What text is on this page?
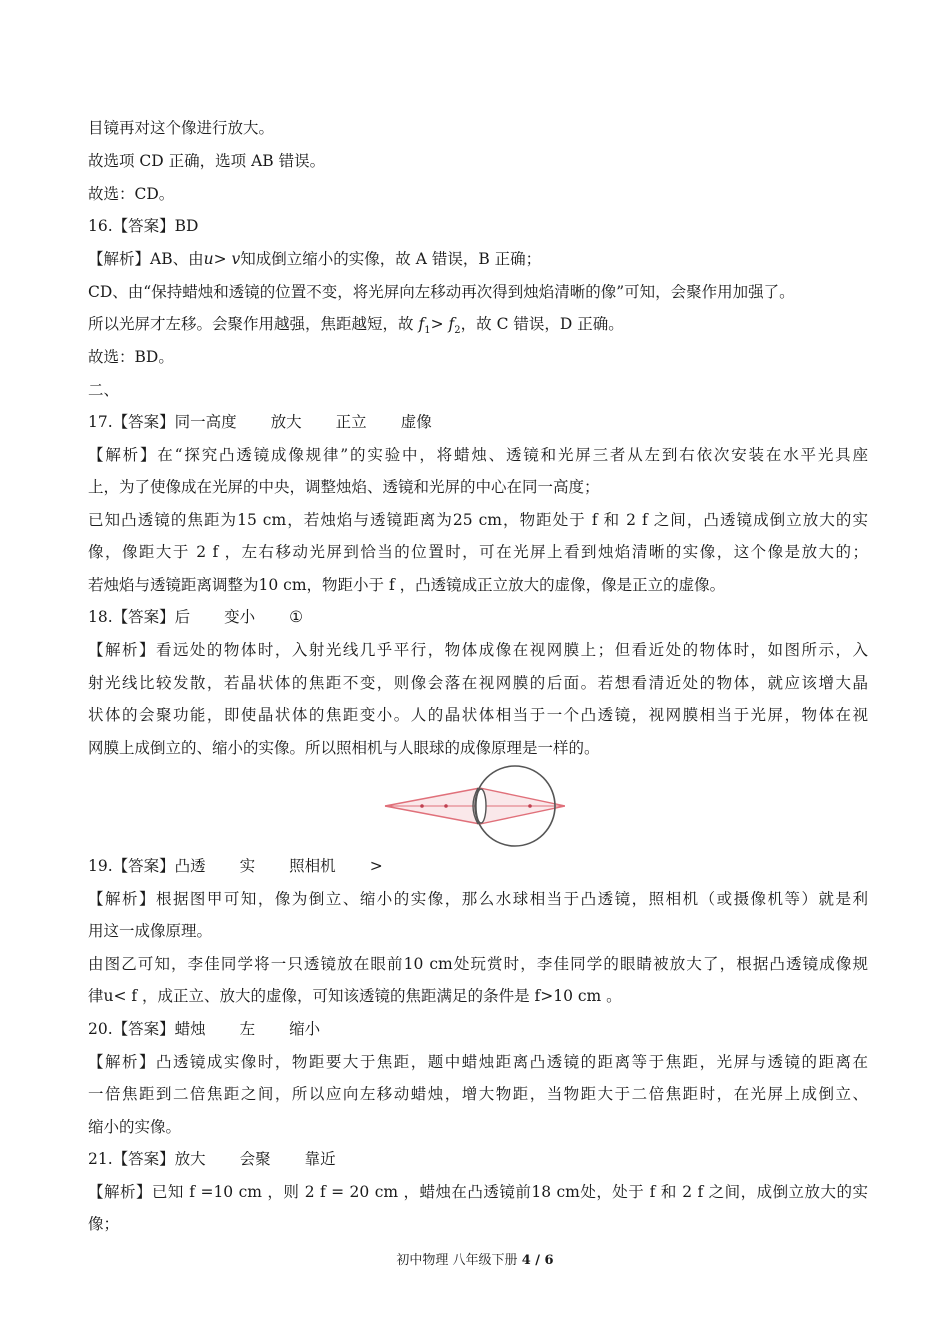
目镜再对这个像进行放大。
故选项 CD 正确，选项 AB 错误。
故选：CD。
16.【答案】BD
【解析】AB、由u> v知成倒立缩小的实像，故 A 错误，B 正确；
CD、由“保持蜡烛和透镜的位置不变，将光屏向左移动再次得到烛焰清晰的像”可知，会聚作用加强了。
所以光屏才左移。会聚作用越强，焦距越短，故 $f_1> f_2$，故 C 错误，D 正确。
故选：BD。
二、
17.【答案】同一高度 放大 正立 虚像
【解析】在“探究凸透镜成像规律”的实验中，将蜡烛、透镜和光屏三者从左到右依次安装在水平光具座
上，为了使像成在光屏的中央，调整烛焰、透镜和光屏的中心在同一高度；
已知凸透镜的焦距为15 cm，若烛焰与透镜距离为25 cm，物距处于 f 和 2 f 之间，凸透镜成倒立放大的实
像，像距大于 2 f ，左右移动光屏到恰当的位置时，可在光屏上看到烛焰清晰的实像，这个像是放大的；
若烛焰与透镜距离调整为10 cm，物距小于 f ，凸透镜成正立放大的虚像，像是正立的虚像。
18.【答案】后 变小 ①
【解析】看远处的物体时，入射光线几乎平行，物体成像在视网膜上；但看近处的物体时，如图所示，入
射光线比较发散，若晶状体的焦距不变，则像会落在视网膜的后面。若想看清近处的物体，就应该增大晶
状体的会聚功能，即使晶状体的焦距变小。人的晶状体相当于一个凸透镜，视网膜相当于光屏，物体在视
网膜上成倒立的、缩小的实像。所以照相机与人眼球的成像原理是一样的。
19.【答案】凸透 实 照相机 >
【解析】根据图甲可知，像为倒立、缩小的实像，那么水球相当于凸透镜，照相机（或摄像机等）就是利
用这一成像原理。
由图乙可知，李佳同学将一只透镜放在眼前10 cm处玩赏时，李佳同学的眼睛被放大了，根据凸透镜成像规
律u< f ，成正立、放大的虚像，可知该透镜的焦距满足的条件是 f>10 cm 。
20.【答案】蜡烛 左 缩小
【解析】凸透镜成实像时，物距要大于焦距，题中蜡烛距离凸透镜的距离等于焦距，光屏与透镜的距离在
一倍焦距到二倍焦距之间，所以应向左移动蜡烛，增大物距，当物距大于二倍焦距时，在光屏上成倒立、
缩小的实像。
21.【答案】放大 会聚 靠近
【解析】已知 f =10 cm ，则 2 f = 20 cm ，蜡烛在凸透镜前18 cm处，处于 f 和 2 f 之间，成倒立放大的实
像；
初中物理 八年级下册 4 / 6
